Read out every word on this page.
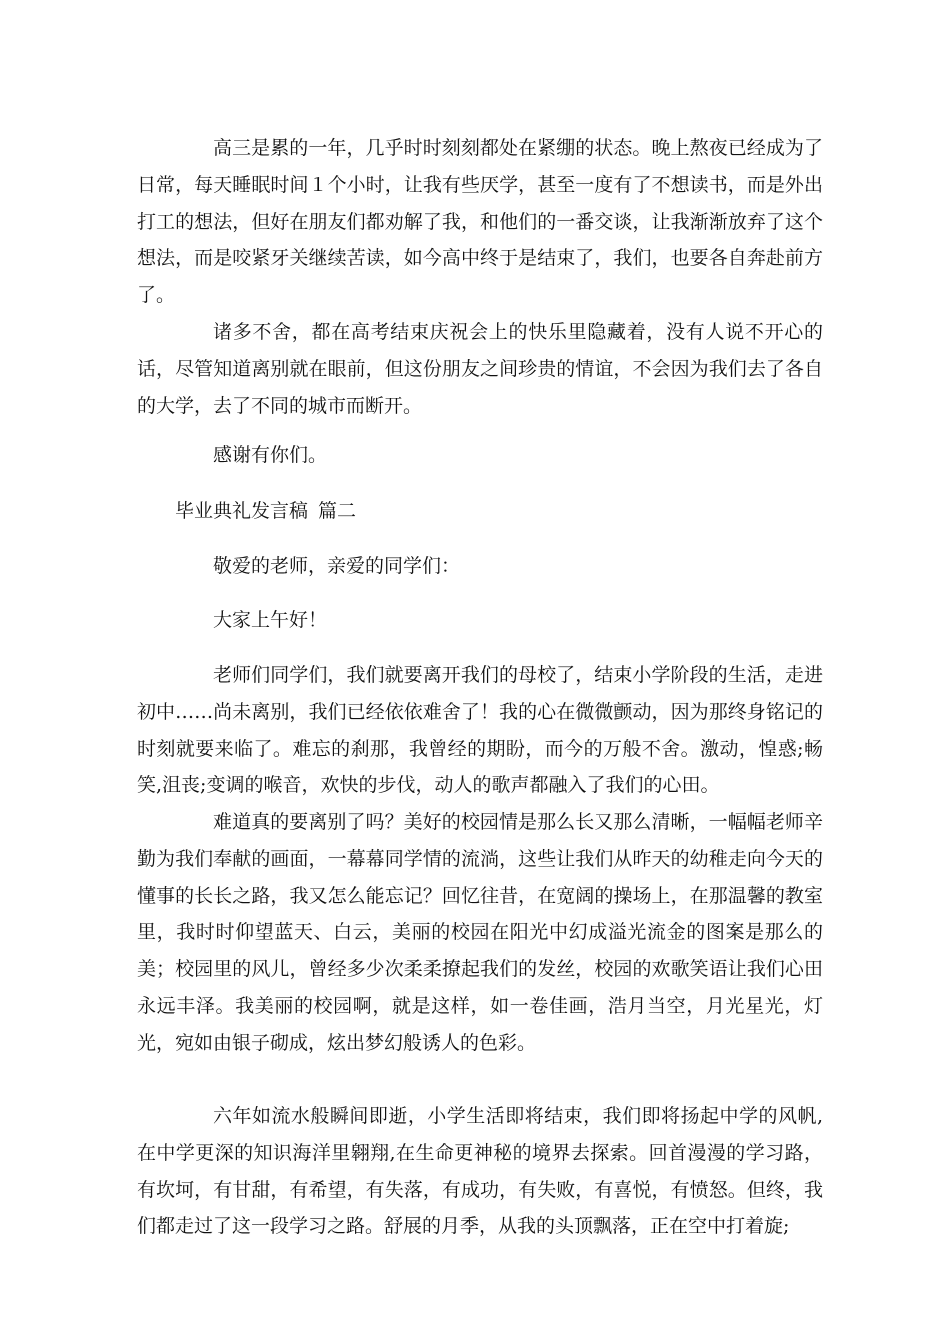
高三是累的一年，几乎时时刻刻都处在紧绷的状态。晚上熬夜已经成为了日常，每天睡眠时间１个小时，让我有些厌学，甚至一度有了不想读书，而是外出打工的想法，但好在朋友们都劝解了我，和他们的一番交谈，让我渐渐放弃了这个想法，而是咬紧牙关继续苦读，如今高中终于是结束了，我们，也要各自奔赴前方了。

诸多不舍，都在高考结束庆祝会上的快乐里隐藏着，没有人说不开心的话，尽管知道离别就在眼前，但这份朋友之间珍贵的情谊，不会因为我们去了各自的大学，去了不同的城市而断开。

感谢有你们。

毕业典礼发言稿 篇二

敬爱的老师，亲爱的同学们：

大家上午好！

老师们同学们，我们就要离开我们的母校了，结束小学阶段的生活，走进初中……尚未离别，我们已经依依难舍了！我的心在微微颤动，因为那终身铭记的时刻就要来临了。难忘的刹那，我曾经的期盼，而今的万般不舍。激动，惶惑;畅笑,沮丧;变调的喉音，欢快的步伐，动人的歌声都融入了我们的心田。

难道真的要离别了吗？美好的校园情是那么长又那么清晰，一幅幅老师辛勤为我们奉献的画面，一幕幕同学情的流淌，这些让我们从昨天的幼稚走向今天的懂事的长长之路，我又怎么能忘记？回忆往昔，在宽阔的操场上，在那温馨的教室里，我时时仰望蓝天、白云，美丽的校园在阳光中幻成溢光流金的图案是那么的美；校园里的风儿，曾经多少次柔柔撩起我们的发丝，校园的欢歌笑语让我们心田永远丰泽。我美丽的校园啊，就是这样，如一卷佳画，浩月当空，月光星光，灯光，宛如由银子砌成，炫出梦幻般诱人的色彩。

六年如流水般瞬间即逝，小学生活即将结束，我们即将扬起中学的风帆,在中学更深的知识海洋里翱翔,在生命更神秘的境界去探索。回首漫漫的学习路，有坎坷，有甘甜，有希望，有失落，有成功，有失败，有喜悦，有愤怒。但终，我们都走过了这一段学习之路。舒展的月季，从我的头顶飘落，正在空中打着旋;
